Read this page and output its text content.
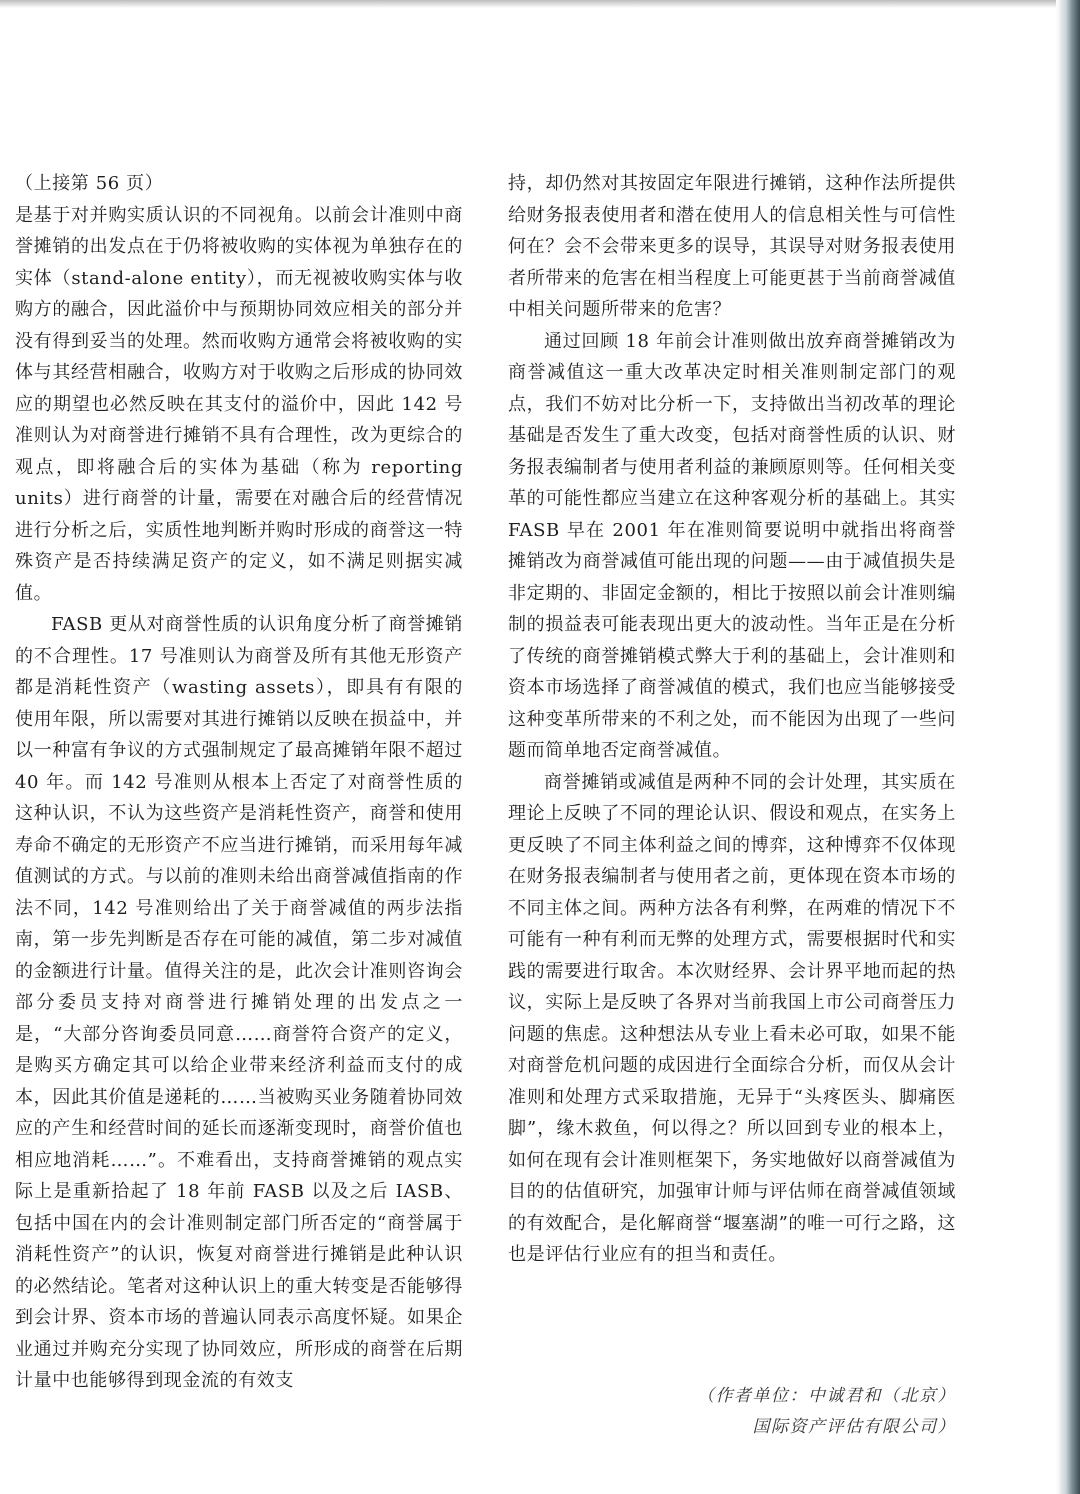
（上接第 56 页）

是基于对并购实质认识的不同视角。以前会计准则中商誉摊销的出发点在于仍将被收购的实体视为单独存在的实体（stand-alone entity），而无视被收购实体与收购方的融合，因此溢价中与预期协同效应相关的部分并没有得到妥当的处理。然而收购方通常会将被收购的实体与其经营相融合，收购方对于收购之后形成的协同效应的期望也必然反映在其支付的溢价中，因此 142 号准则认为对商誉进行摊销不具有合理性，改为更综合的观点，即将融合后的实体为基础（称为 reporting units）进行商誉的计量，需要在对融合后的经营情况进行分析之后，实质性地判断并购时形成的商誉这一特殊资产是否持续满足资产的定义，如不满足则据实减值。

FASB 更从对商誉性质的认识角度分析了商誉摊销的不合理性。17 号准则认为商誉及所有其他无形资产都是消耗性资产（wasting assets），即具有有限的使用年限，所以需要对其进行摊销以反映在损益中，并以一种富有争议的方式强制规定了最高摊销年限不超过 40 年。而 142 号准则从根本上否定了对商誉性质的这种认识，不认为这些资产是消耗性资产，商誉和使用寿命不确定的无形资产不应当进行摊销，而采用每年减值测试的方式。与以前的准则未给出商誉减值指南的作法不同，142 号准则给出了关于商誉减值的两步法指南，第一步先判断是否存在可能的减值，第二步对减值的金额进行计量。值得关注的是，此次会计准则咨询会部分委员支持对商誉进行摊销处理的出发点之一是，“大部分咨询委员同意……商誉符合资产的定义，是购买方确定其可以给企业带来经济利益而支付的成本，因此其价值是递耗的……当被购买业务随着协同效应的产生和经营时间的延长而逐渐变现时，商誉价值也相应地消耗……”。不难看出，支持商誉摊销的观点实际上是重新拾起了 18 年前 FASB 以及之后 IASB、包括中国在内的会计准则制定部门所否定的“商誉属于消耗性资产”的认识，恢复对商誉进行摊销是此种认识的必然结论。笔者对这种认识上的重大转变是否能够得到会计界、资本市场的普遍认同表示高度怀疑。如果企业通过并购充分实现了协同效应，所形成的商誉在后期计量中也能够得到现金流的有效支

持，却仍然对其按固定年限进行摊销，这种作法所提供给财务报表使用者和潜在使用人的信息相关性与可信性何在？会不会带来更多的误导，其误导对财务报表使用者所带来的危害在相当程度上可能更甚于当前商誉减值中相关问题所带来的危害？

通过回顾 18 年前会计准则做出放弃商誉摊销改为商誉减值这一重大改革决定时相关准则制定部门的观点，我们不妨对比分析一下，支持做出当初改革的理论基础是否发生了重大改变，包括对商誉性质的认识、财务报表编制者与使用者利益的兼顾原则等。任何相关变革的可能性都应当建立在这种客观分析的基础上。其实 FASB 早在 2001 年在准则简要说明中就指出将商誉摊销改为商誉减值可能出现的问题——由于减值损失是非定期的、非固定金额的，相比于按照以前会计准则编制的损益表可能表现出更大的波动性。当年正是在分析了传统的商誉摊销模式弊大于利的基础上，会计准则和资本市场选择了商誉减值的模式，我们也应当能够接受这种变革所带来的不利之处，而不能因为出现了一些问题而简单地否定商誉减值。

商誉摊销或减值是两种不同的会计处理，其实质在理论上反映了不同的理论认识、假设和观点，在实务上更反映了不同主体利益之间的博弈，这种博弈不仅体现在财务报表编制者与使用者之前，更体现在资本市场的不同主体之间。两种方法各有利弊，在两难的情况下不可能有一种有利而无弊的处理方式，需要根据时代和实践的需要进行取舍。本次财经界、会计界平地而起的热议，实际上是反映了各界对当前我国上市公司商誉压力问题的焦虑。这种想法从专业上看未必可取，如果不能对商誉危机问题的成因进行全面综合分析，而仅从会计准则和处理方式采取措施，无异于“头疼医头、脚痛医脚”，缘木救鱼，何以得之？所以回到专业的根本上，如何在现有会计准则框架下，务实地做好以商誉减值为目的的估值研究，加强审计师与评估师在商誉减值领域的有效配合，是化解商誉“堰塞湖”的唯一可行之路，这也是评估行业应有的担当和责任。

（作者单位：中诚君和（北京）
国际资产评估有限公司）
